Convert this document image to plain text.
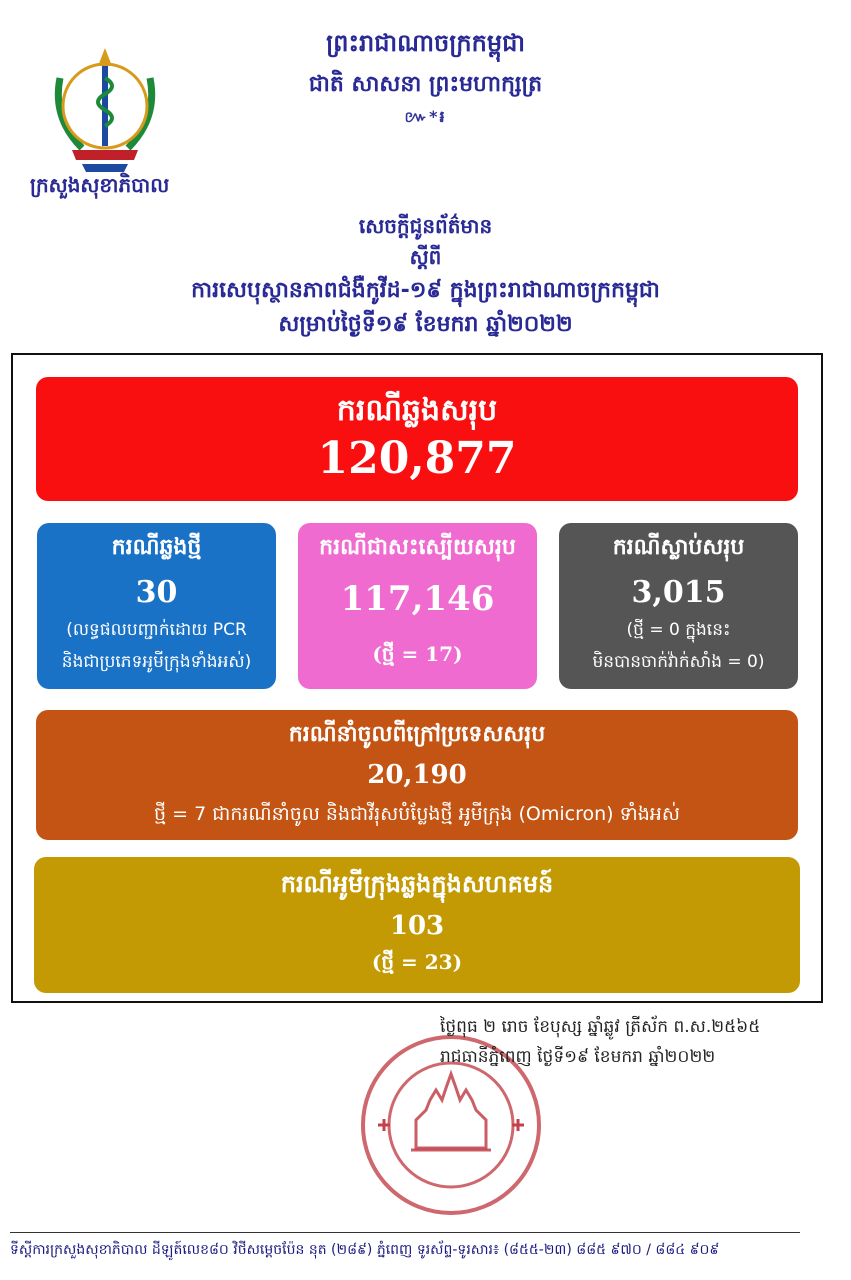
ព្រះរាជាណាចក្រកម្ពុជា
ជាតិ សាសនា ព្រះមហាក្សត្រ
៚*៛
ក្រសួងសុខាភិបាល
សេចក្តីជូនព័ត៌មាន
ស្តីពី
ការសេបុស្ថានភាពជំងឺកូវីដ-១៩ ក្នុងព្រះរាជាណាចក្រកម្ពុជា
សម្រាប់ថ្ងៃទី១៩ ខែមករា ឆ្នាំ២០២២
ករណីឆ្លងសរុប
120,877
ករណីឆ្លងថ្មី
30
(លទ្ធផលបញ្ជាក់ដោយ PCR
និងជាប្រភេទអូមីក្រុងទាំងអស់)
ករណីជាសះស្បើយសរុប
117,146
(ថ្មី = 17)
ករណីស្លាប់សរុប
3,015
(ថ្មី = 0 ក្នុងនេះ
មិនបានចាក់វ៉ាក់សាំង = 0)
ករណីនាំចូលពីក្រៅប្រទេសសរុប
20,190
ថ្មី = 7 ជាករណីនាំចូល និងជាវីរុសបំប្លែងថ្មី អូមីក្រុង (Omicron) ទាំងអស់
ករណីអូមីក្រុងឆ្លងក្នុងសហគមន៍
103
(ថ្មី = 23)
ថ្ងៃពុធ ២ រោច ខែបុស្ស ឆ្នាំឆ្លូវ ត្រីស័ក ព.ស.២៥៦៥
រាជធានីភ្នំពេញ ថ្ងៃទី១៩ ខែមករា ឆ្នាំ២០២២
ទីស្តីការក្រសួងសុខាភិបាល ដីឡូត៍លេខ៨០ វិថីសម្តេចប៉ែន នុត (២៨៩) ភ្នំពេញ ទូរស័ព្ទ-ទូរសារ៖ (៨៥៥-២៣) ៨៨៥ ៩៧០ / ៨៨៤ ៩០៩
